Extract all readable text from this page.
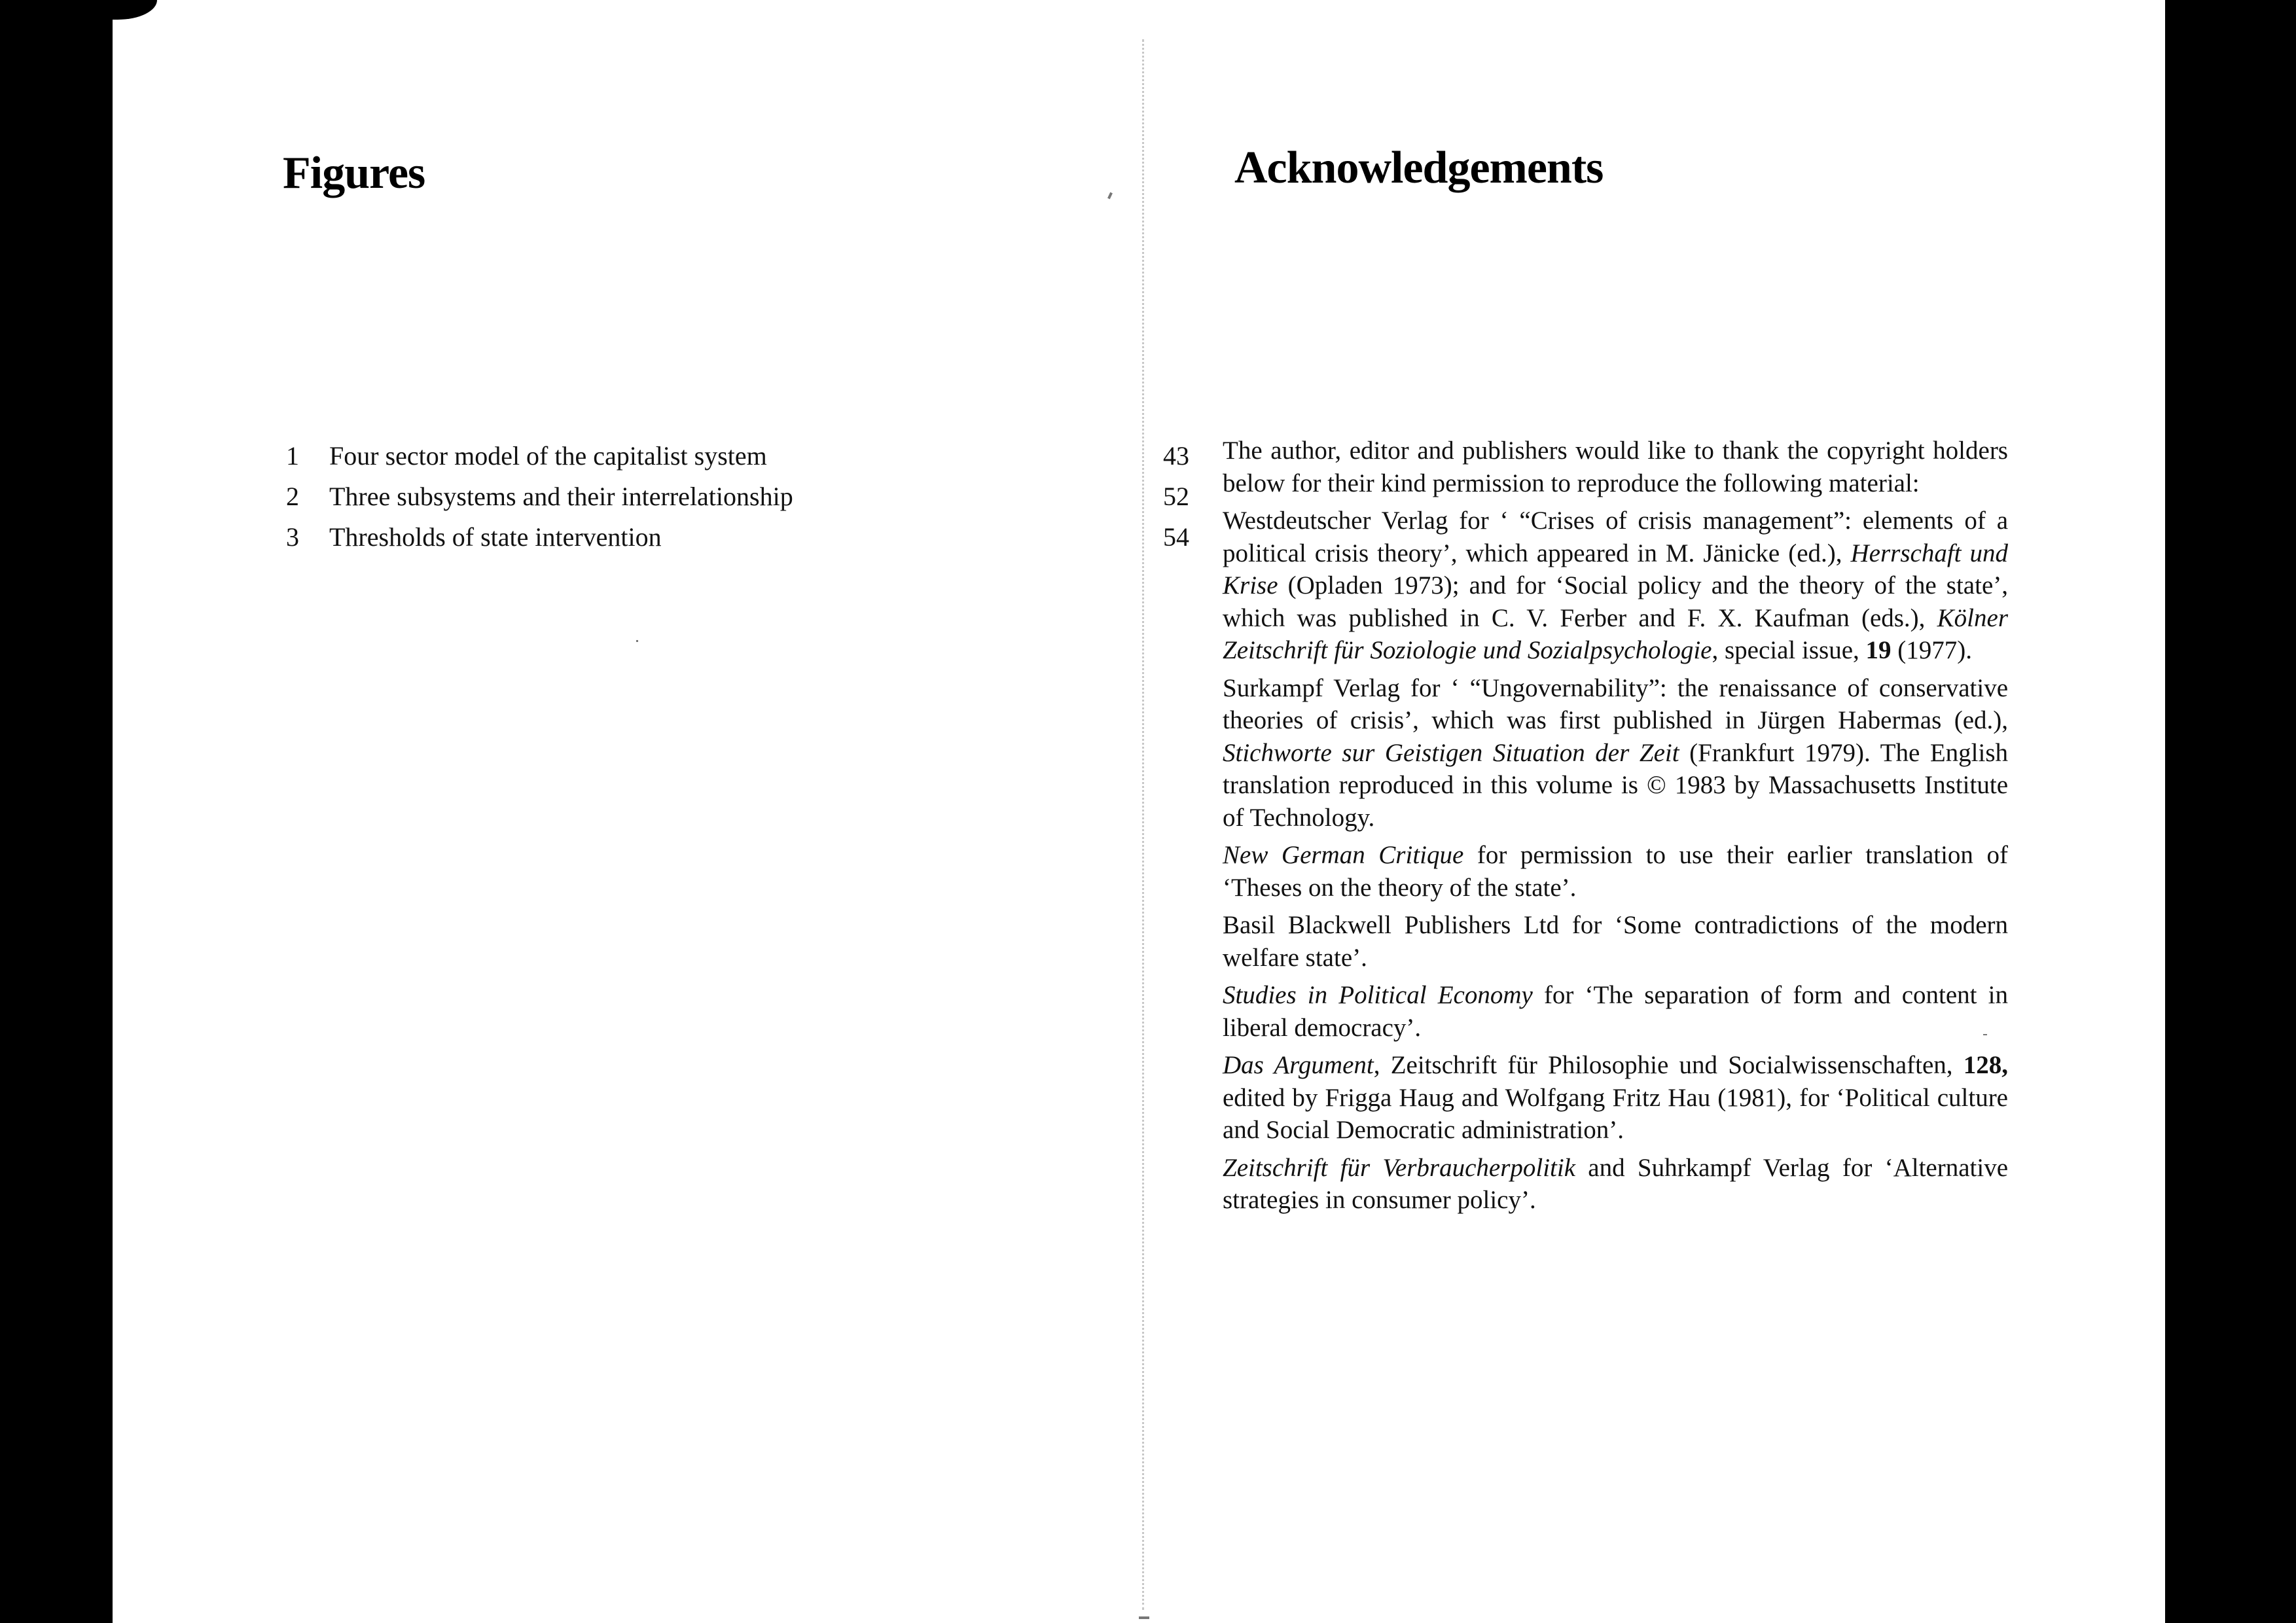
Figures
1 Four sector model of the capitalist system	43
2 Three subsystems and their interrelationship	52
3 Thresholds of state intervention	54
Acknowledgements

The author, editor and publishers would like to thank the copyright holders below for their kind permission to reproduce the following material:

Westdeutscher Verlag for ‘ “Crises of crisis management”: elements of a political crisis theory’, which appeared in M. Jänicke (ed.), Herrschaft und Krise (Opladen 1973); and for ‘Social policy and the theory of the state’, which was published in C. V. Ferber and F. X. Kaufman (eds.), Kölner Zeitschrift für Soziologie und Sozialpsychologie, special issue, 19 (1977).

Surkampf Verlag for ‘ “Ungovernability”: the renaissance of conservative theories of crisis’, which was first published in Jürgen Habermas (ed.), Stichworte sur Geistigen Situation der Zeit (Frankfurt 1979). The English translation reproduced in this volume is © 1983 by Massachusetts Institute of Technology.

New German Critique for permission to use their earlier translation of ‘Theses on the theory of the state’.

Basil Blackwell Publishers Ltd for ‘Some contradictions of the modern welfare state’.

Studies in Political Economy for ‘The separation of form and content in liberal democracy’.

Das Argument, Zeitschrift für Philosophie und Socialwissenschaften, 128, edited by Frigga Haug and Wolfgang Fritz Hau (1981), for ‘Political culture and Social Democratic administration’.

Zeitschrift für Verbraucherpolitik and Suhrkampf Verlag for ‘Alternative strategies in consumer policy’.
